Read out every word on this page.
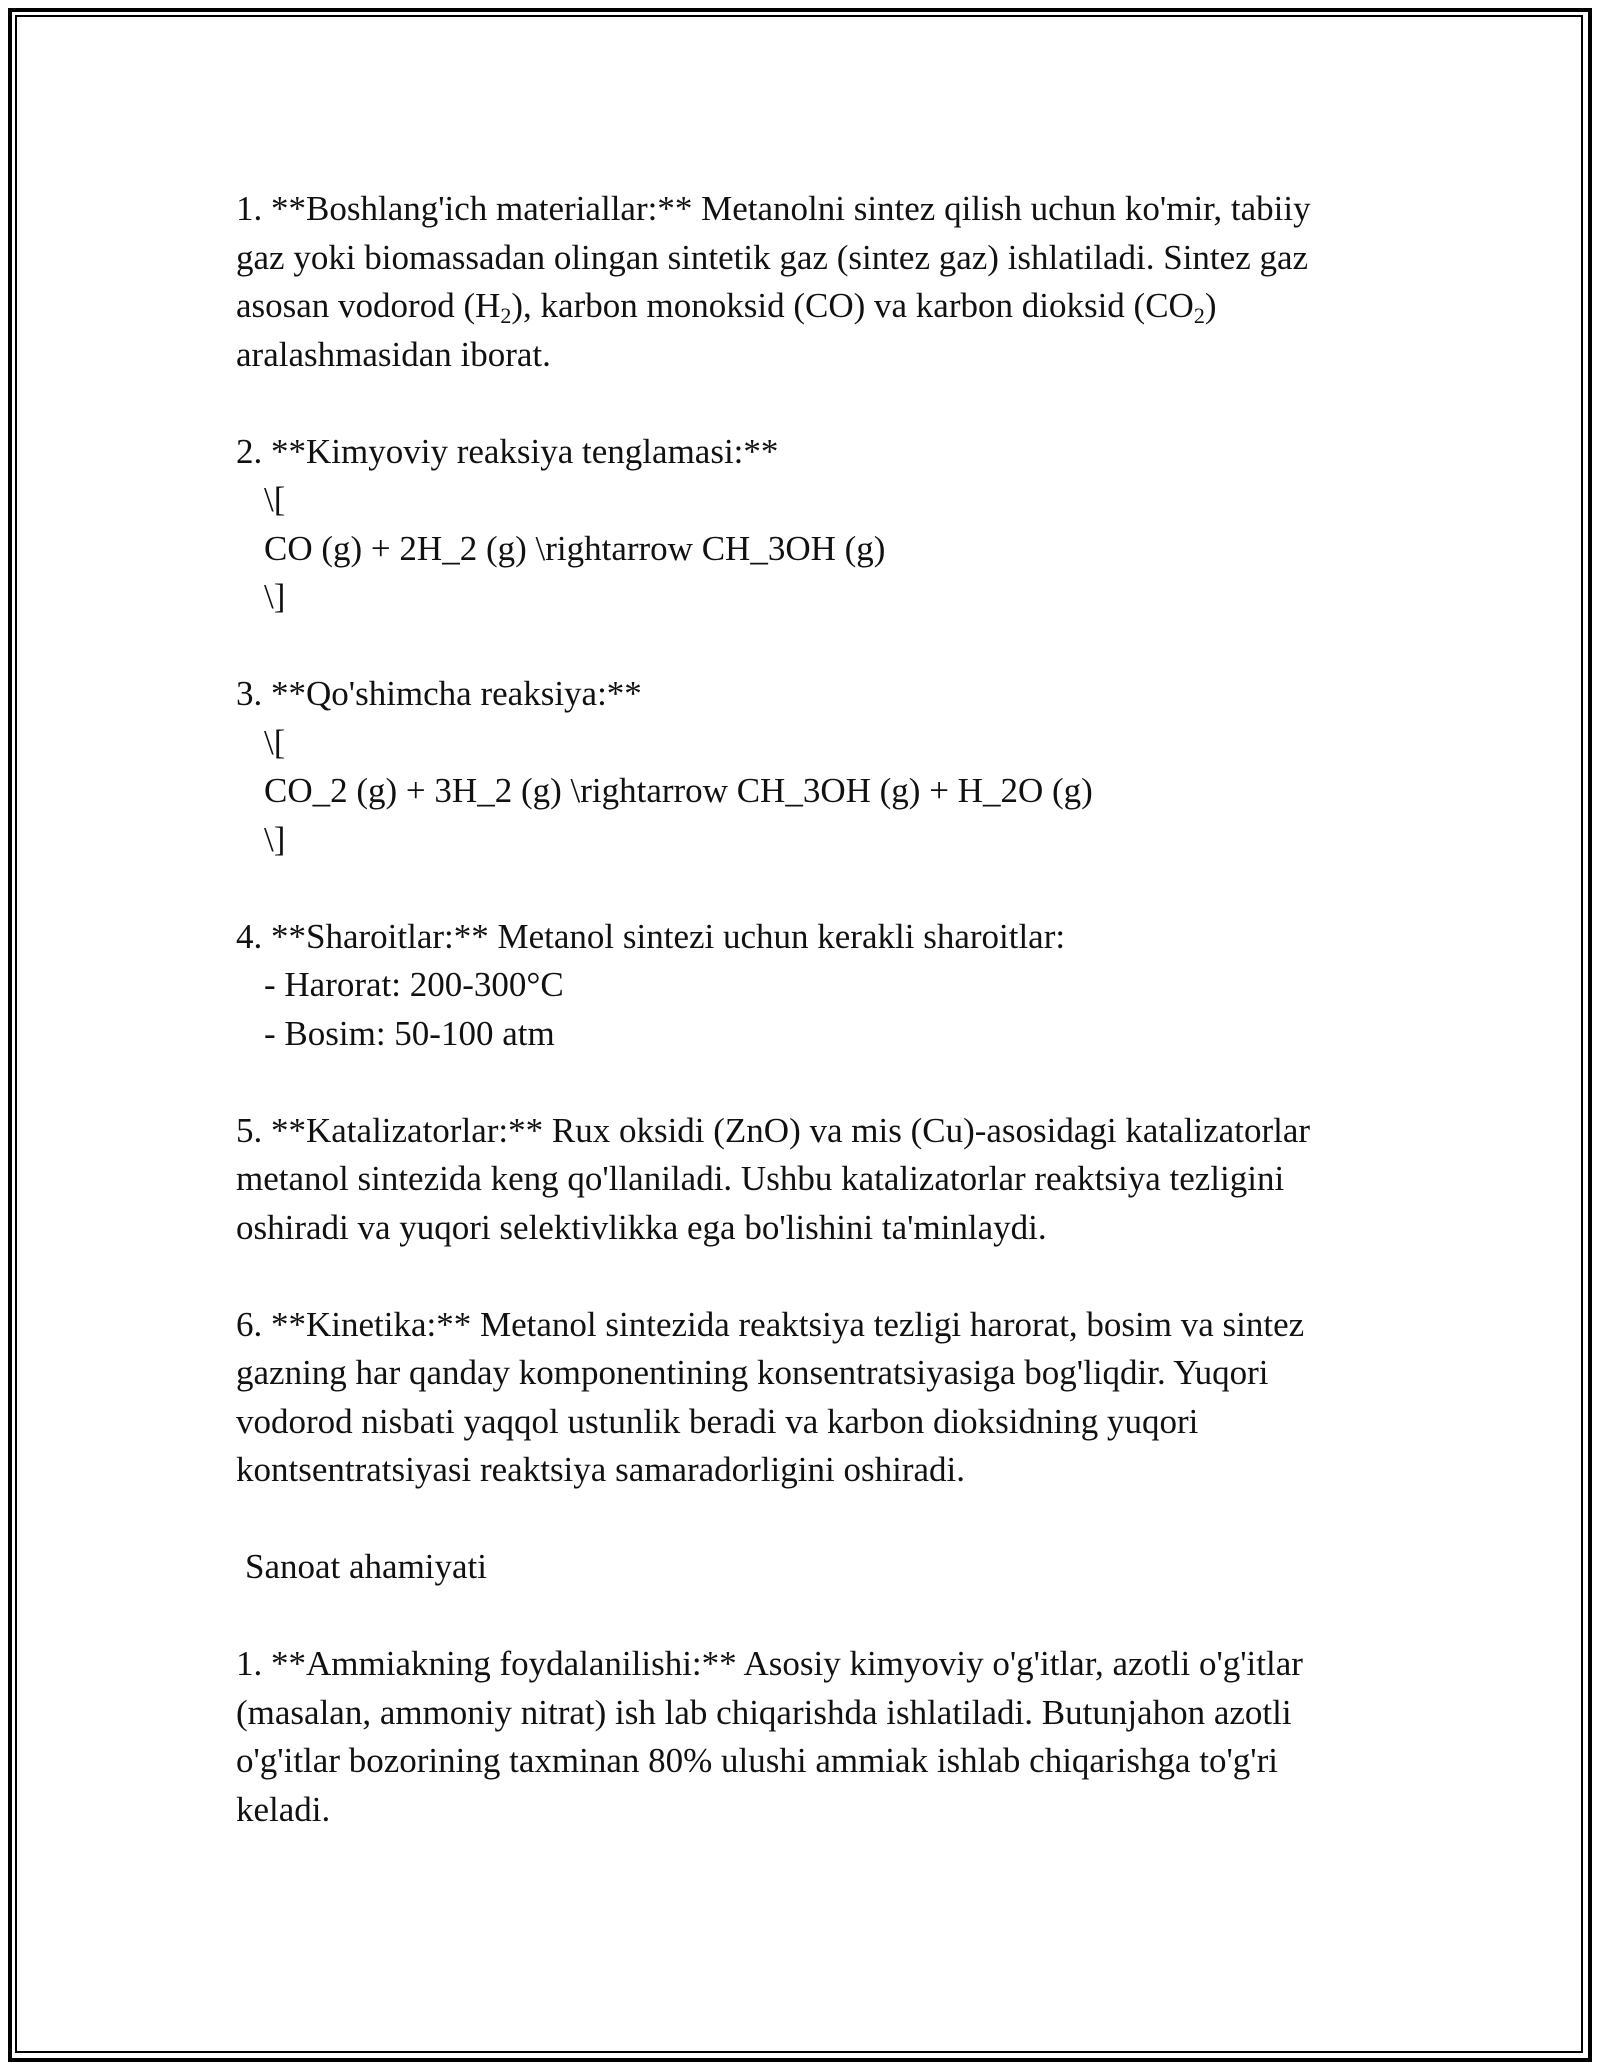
1. **Boshlang'ich materiallar:** Metanolni sintez qilish uchun ko'mir, tabiiy
gaz yoki biomassadan olingan sintetik gaz (sintez gaz) ishlatiladi. Sintez gaz
asosan vodorod $(H_2)$, karbon monoksid (CO) va karbon dioksid $(CO_2)$
aralashmasidan iborat.
2. **Kimyoviy reaksiya tenglamasi:**
\[
CO (g) + 2H_2 (g) \rightarrow CH_3OH (g)
\]
3. **Qo'shimcha reaksiya:**
\[
CO_2 (g) + 3H_2 (g) \rightarrow CH_3OH (g) + H_2O (g)
\]
4. **Sharoitlar:** Metanol sintezi uchun kerakli sharoitlar:
- Harorat: 200-300°C
- Bosim: 50-100 atm
5. **Katalizatorlar:** Rux oksidi (ZnO) va mis (Cu)-asosidagi katalizatorlar
metanol sintezida keng qo'llaniladi. Ushbu katalizatorlar reaktsiya tezligini
oshiradi va yuqori selektivlikka ega bo'lishini ta'minlaydi.
6. **Kinetika:** Metanol sintezida reaktsiya tezligi harorat, bosim va sintez
gazning har qanday komponentining konsentratsiyasiga bog'liqdir. Yuqori
vodorod nisbati yaqqol ustunlik beradi va karbon dioksidning yuqori
kontsentratsiyasi reaktsiya samaradorligini oshiradi.
Sanoat ahamiyati
1. **Ammiakning foydalanilishi:** Asosiy kimyoviy o'g'itlar, azotli o'g'itlar
(masalan, ammoniy nitrat) ish lab chiqarishda ishlatiladi. Butunjahon azotli
o'g'itlar bozorining taxminan 80% ulushi ammiak ishlab chiqarishga to'g'ri
keladi.
